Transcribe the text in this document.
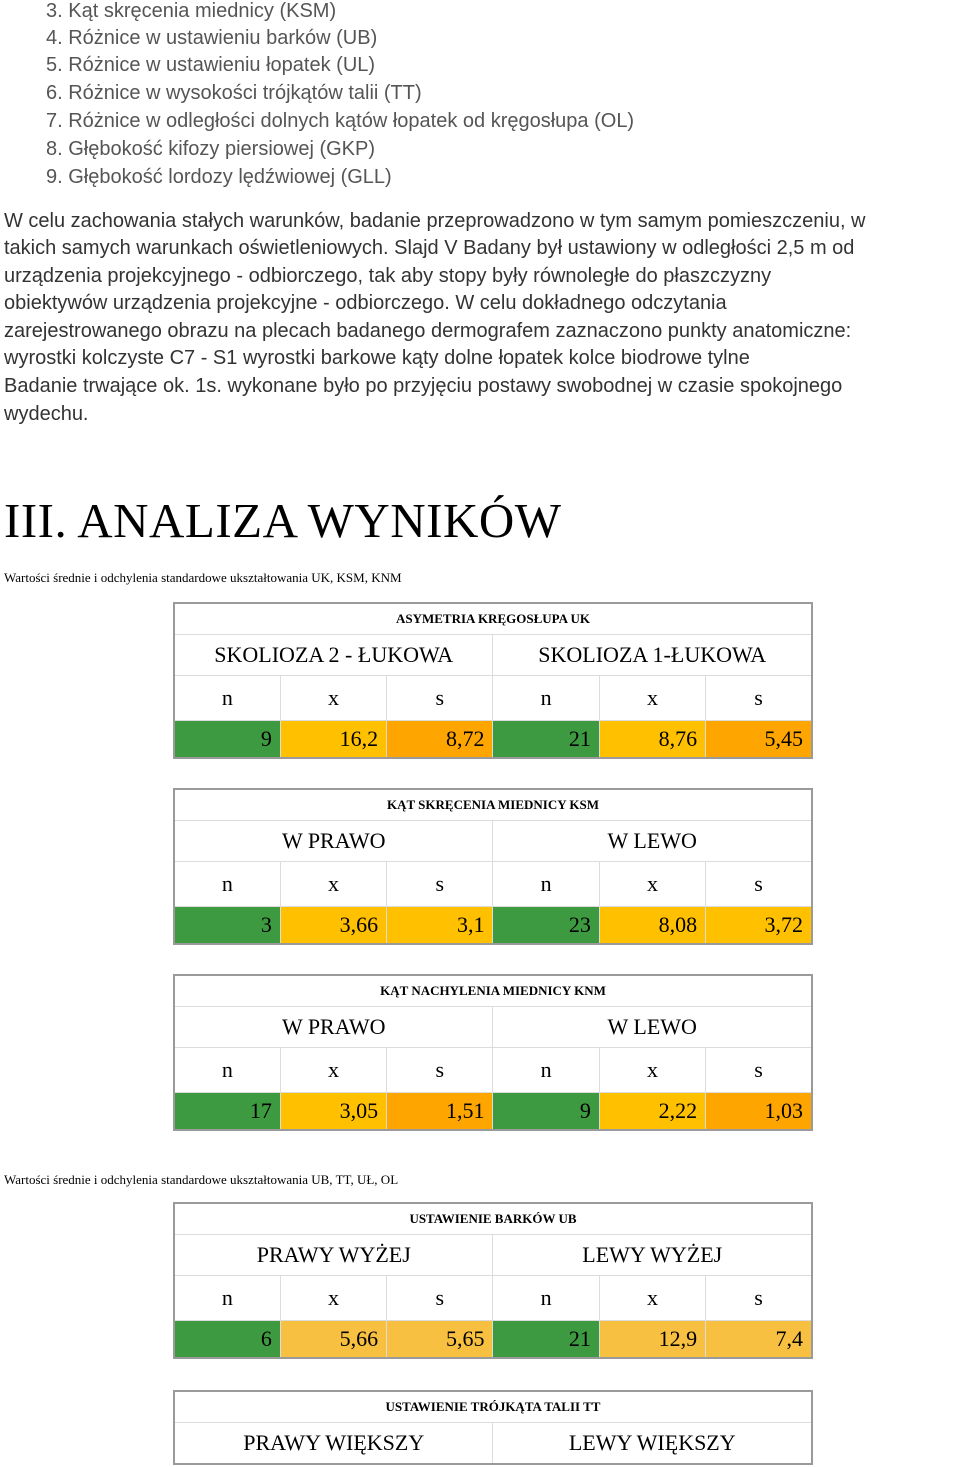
3. Kąt skręcenia miednicy (KSM)
4. Różnice w ustawieniu barków (UB)
5. Różnice w ustawieniu łopatek (UL)
6. Różnice w wysokości trójkątów talii (TT)
7. Różnice w odległości dolnych kątów łopatek od kręgosłupa (OL)
8. Głębokość kifozy piersiowej (GKP)
9. Głębokość lordozy lędźwiowej (GLL)
W celu zachowania stałych warunków, badanie przeprowadzono w tym samym pomieszczeniu, w
takich samych warunkach oświetleniowych. Slajd V Badany był ustawiony w odległości 2,5 m od
urządzenia projekcyjnego - odbiorczego, tak aby stopy były równoległe do płaszczyzny
obiektywów urządzenia projekcyjne - odbiorczego. W celu dokładnego odczytania
zarejestrowanego obrazu na plecach badanego dermografem zaznaczono punkty anatomiczne:
wyrostki kolczyste C7 - S1 wyrostki barkowe kąty dolne łopatek kolce biodrowe tylne
Badanie trwające ok. 1s. wykonane było po przyjęciu postawy swobodnej w czasie spokojnego
wydechu.
III. ANALIZA WYNIKÓW
Wartości średnie i odchylenia standardowe ukształtowania UK, KSM, KNM
ASYMETRIA KRĘGOSŁUPA UK					
SKOLIOZA 2 - ŁUKOWA			SKOLIOZA 1-ŁUKOWA		
n	x	s	n	x	s
9	16,2	8,72	21	8,76	5,45
KĄT SKRĘCENIA MIEDNICY KSM					
W PRAWO			W LEWO		
n	x	s	n	x	s
3	3,66	3,1	23	8,08	3,72
KĄT NACHYLENIA MIEDNICY KNM					
W PRAWO			W LEWO		
n	x	s	n	x	s
17	3,05	1,51	9	2,22	1,03
Wartości średnie i odchylenia standardowe ukształtowania UB, TT, UŁ, OL
USTAWIENIE BARKÓW UB					
PRAWY WYŻEJ			LEWY WYŻEJ		
n	x	s	n	x	s
6	5,66	5,65	21	12,9	7,4
USTAWIENIE TRÓJKĄTA TALII TT
PRAWY WIĘKSZY	LEWY WIĘKSZY
